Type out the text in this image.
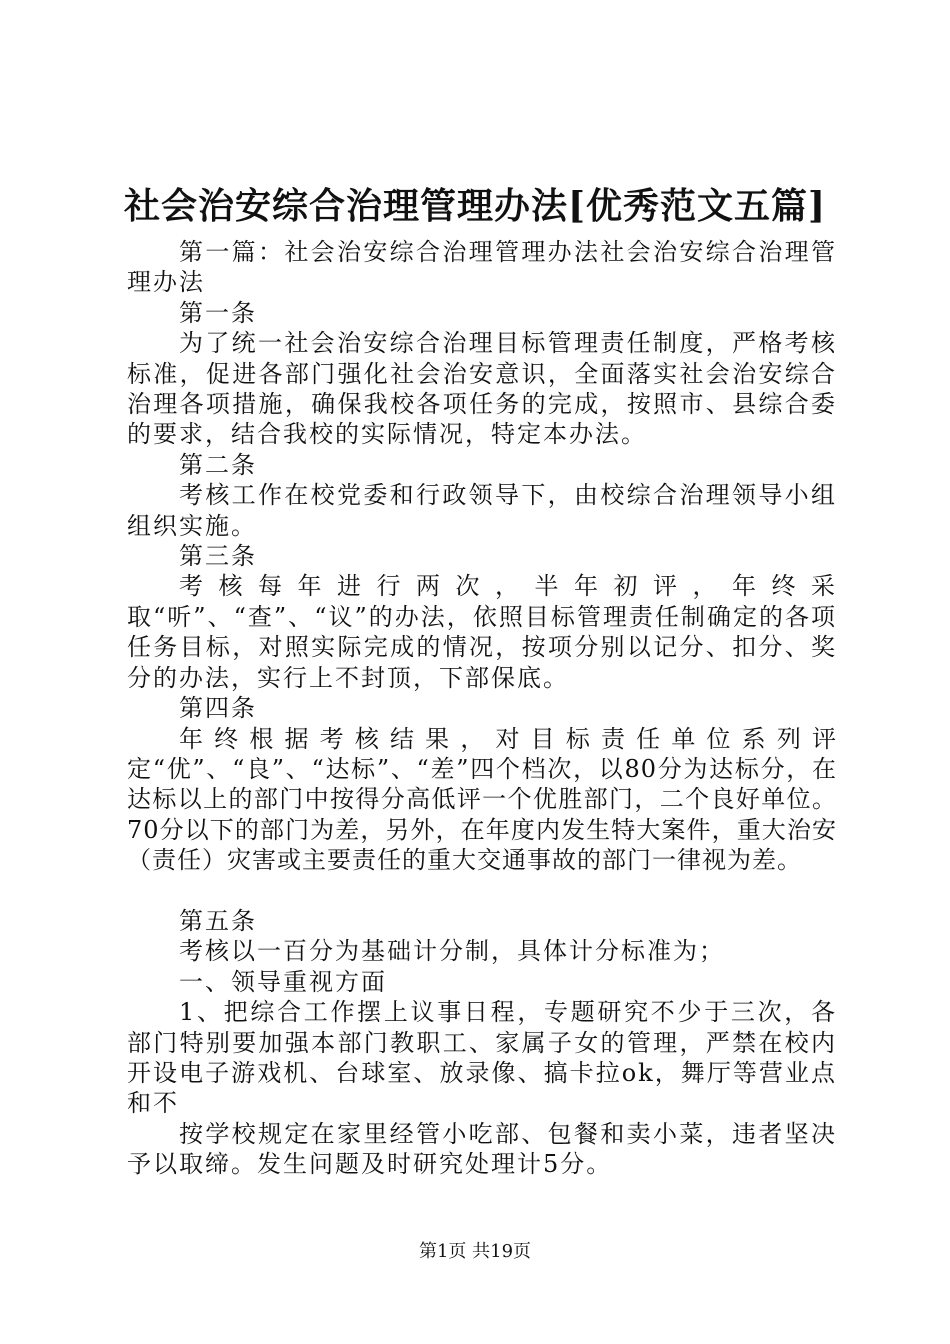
社会治安综合治理管理办法[优秀范文五篇]

第一篇：社会治安综合治理管理办法社会治安综合治理管理办法

第一条

为了统一社会治安综合治理目标管理责任制度，严格考核标准，促进各部门强化社会治安意识，全面落实社会治安综合治理各项措施，确保我校各项任务的完成，按照市、县综合委的要求，结合我校的实际情况，特定本办法。

第二条

考核工作在校党委和行政领导下，由校综合治理领导小组组织实施。

第三条

考核每年进行两次，半年初评，年终采取“听”、“查”、“议”的办法，依照目标管理责任制确定的各项任务目标，对照实际完成的情况，按项分别以记分、扣分、奖分的办法，实行上不封顶，下部保底。

第四条

年终根据考核结果，对目标责任单位系列评定“优”、“良”、“达标”、“差”四个档次，以80分为达标分，在达标以上的部门中按得分高低评一个优胜部门，二个良好单位。70分以下的部门为差，另外，在年度内发生特大案件，重大治安（责任）灾害或主要责任的重大交通事故的部门一律视为差。

第五条

考核以一百分为基础计分制，具体计分标准为；

一、领导重视方面

1、把综合工作摆上议事日程，专题研究不少于三次，各部门特别要加强本部门教职工、家属子女的管理，严禁在校内开设电子游戏机、台球室、放录像、搞卡拉ok，舞厅等营业点和不

按学校规定在家里经管小吃部、包餐和卖小菜，违者坚决予以取缔。发生问题及时研究处理计5分。

第1页 共19页
